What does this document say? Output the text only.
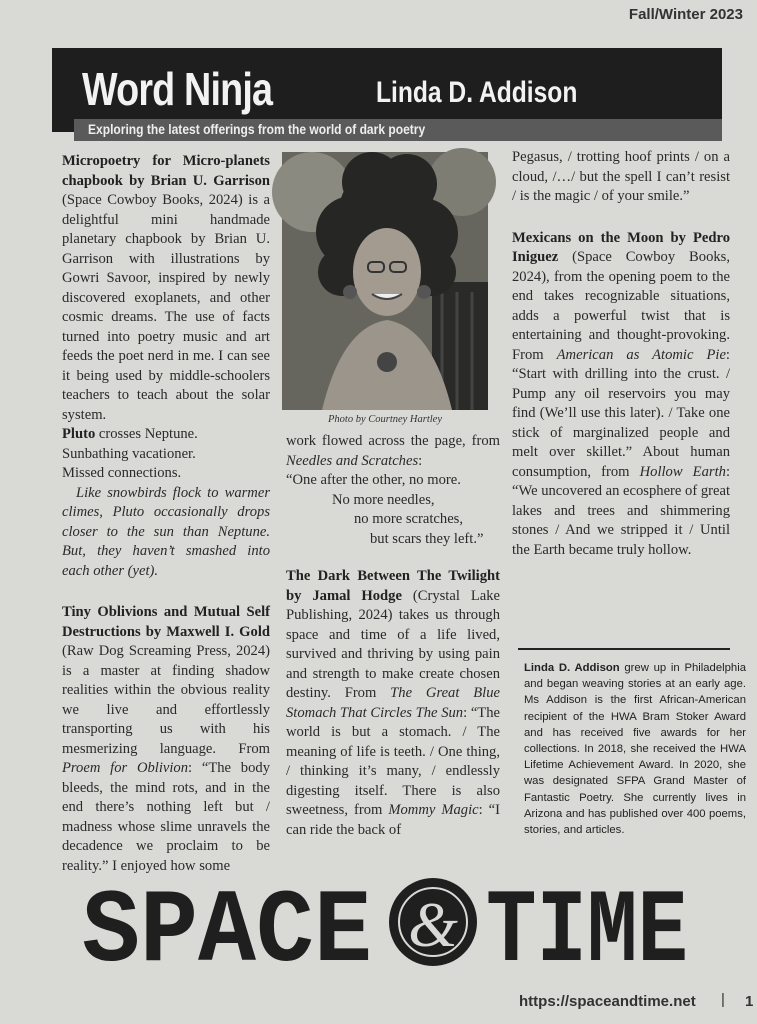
Fall/Winter 2023
Word Ninja	Linda D. Addison
Exploring the latest offerings from the world of dark poetry

Micropoetry for Micro-planets chapbook by Brian U. Garrison (Space Cowboy Books, 2024) is a delightful mini handmade planetary chapbook by Brian U. Garrison with illustrations by Gowri Savoor, inspired by newly discovered exoplanets, and other cosmic dreams. The use of facts turned into poetry music and art feeds the poet nerd in me. I can see it being used by middle-schoolers teachers to teach about the solar system.

Pluto crosses Neptune.
Sunbathing vacationer.
Missed connections.

Like snowbirds flock to warmer climes, Pluto occasionally drops closer to the sun than Neptune. But, they haven’t smashed into each other (yet).

Tiny Oblivions and Mutual Self Destructions by Maxwell I. Gold (Raw Dog Screaming Press, 2024) is a master at finding shadow realities within the obvious reality we live and effortlessly transporting us with his mesmerizing language. From Proem for Oblivion: “The body bleeds, the mind rots, and in the end there’s nothing left but / madness whose slime unravels the decadence we proclaim to be reality.” I enjoyed how some

Photo by Courtney Hartley

work flowed across the page, from Needles and Scratches:

“One after the other, no more.
No more needles,
no more scratches,
but scars they left.”

The Dark Between The Twilight by Jamal Hodge (Crystal Lake Publishing, 2024) takes us through space and time of a life lived, survived and thriving by using pain and strength to make create chosen destiny. From The Great Blue Stomach That Circles The Sun: “The world is but a stomach. / The meaning of life is teeth. / One thing, / thinking it’s many, / endlessly digesting itself. There is also sweetness, from Mommy Magic: “I can ride the back of

Pegasus, / trotting hoof prints / on a cloud, /…/ but the spell I can’t resist / is the magic / of your smile.”

Mexicans on the Moon by Pedro Iniguez (Space Cowboy Books, 2024), from the opening poem to the end takes recognizable situations, adds a powerful twist that is entertaining and thought-provoking. From American as Atomic Pie: “Start with drilling into the crust. / Pump any oil reservoirs you may find (We’ll use this later). / Take one stick of marginalized people and melt over skillet.” About human consumption, from Hollow Earth: “We uncovered an ecosphere of great lakes and trees and shimmering stones / And we stripped it / Until the Earth became truly hollow.

Linda D. Addison grew up in Philadelphia and began weaving stories at an early age. Ms Addison is the first African-American recipient of the HWA Bram Stoker Award and has received five awards for her collections. In 2018, she received the HWA Lifetime Achievement Award. In 2020, she was designated SFPA Grand Master of Fantastic Poetry. She currently lives in Arizona and has published over 400 poems, stories, and articles.
SPACE & TIME
https://spaceandtime.net | 1
